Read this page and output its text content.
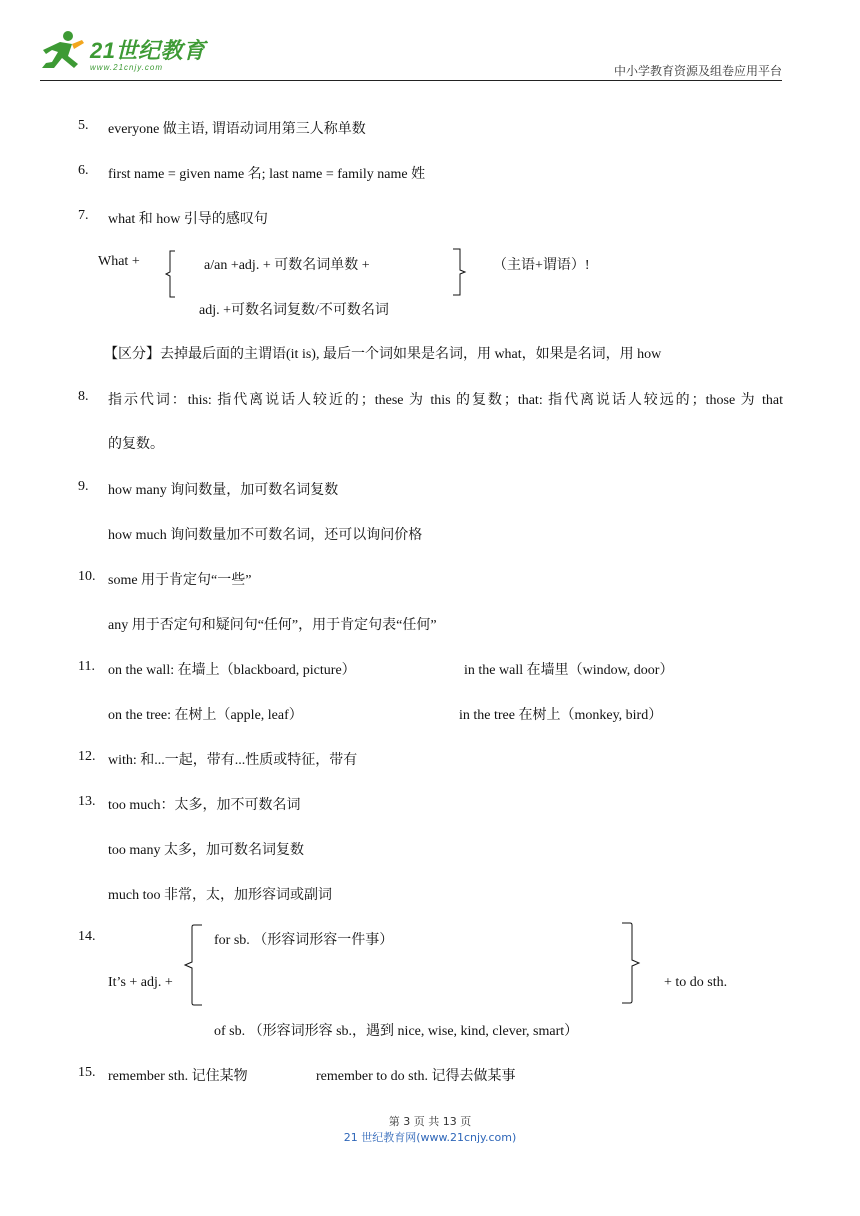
21世纪教育
www.21cnjy.com	中小学教育资源及组卷应用平台
5. everyone 做主语, 谓语动词用第三人称单数
6. first name = given name 名; last name = family name 姓
7. what 和 how 引导的感叹句
What +	a/an +adj. + 可数名词单数 +
adj. +可数名词复数/不可数名词
（主语+谓语）!
【区分】去掉最后面的主谓语(it is), 最后一个词如果是名词，用 what，如果是名词，用 how
8. 指示代词：this: 指代离说话人较近的；these 为 this 的复数；that: 指代离说话人较远的；those 为 that
的复数。
9. how many 询问数量，加可数名词复数
how much 询问数量加不可数名词，还可以询问价格
10. some 用于肯定句“一些”
any 用于否定句和疑问句“任何”，用于肯定句表“任何”
11. on the wall: 在墙上（blackboard, picture）	in the wall 在墙里（window, door）
on the tree: 在树上（apple, leaf）	in the tree 在树上（monkey, bird）
12. with: 和...一起，带有...性质或特征，带有
13. too much：太多，加不可数名词
too many 太多，加可数名词复数
much too 非常，太，加形容词或副词
14.	for sb. （形容词形容一件事）
It’s + adj. +	+ to do sth.
of sb. （形容词形容 sb.，遇到 nice, wise, kind, clever, smart）
15. remember sth. 记住某物	remember to do sth. 记得去做某事
第 3 页 共 13 页
21 世纪教育网(www.21cnjy.com)
